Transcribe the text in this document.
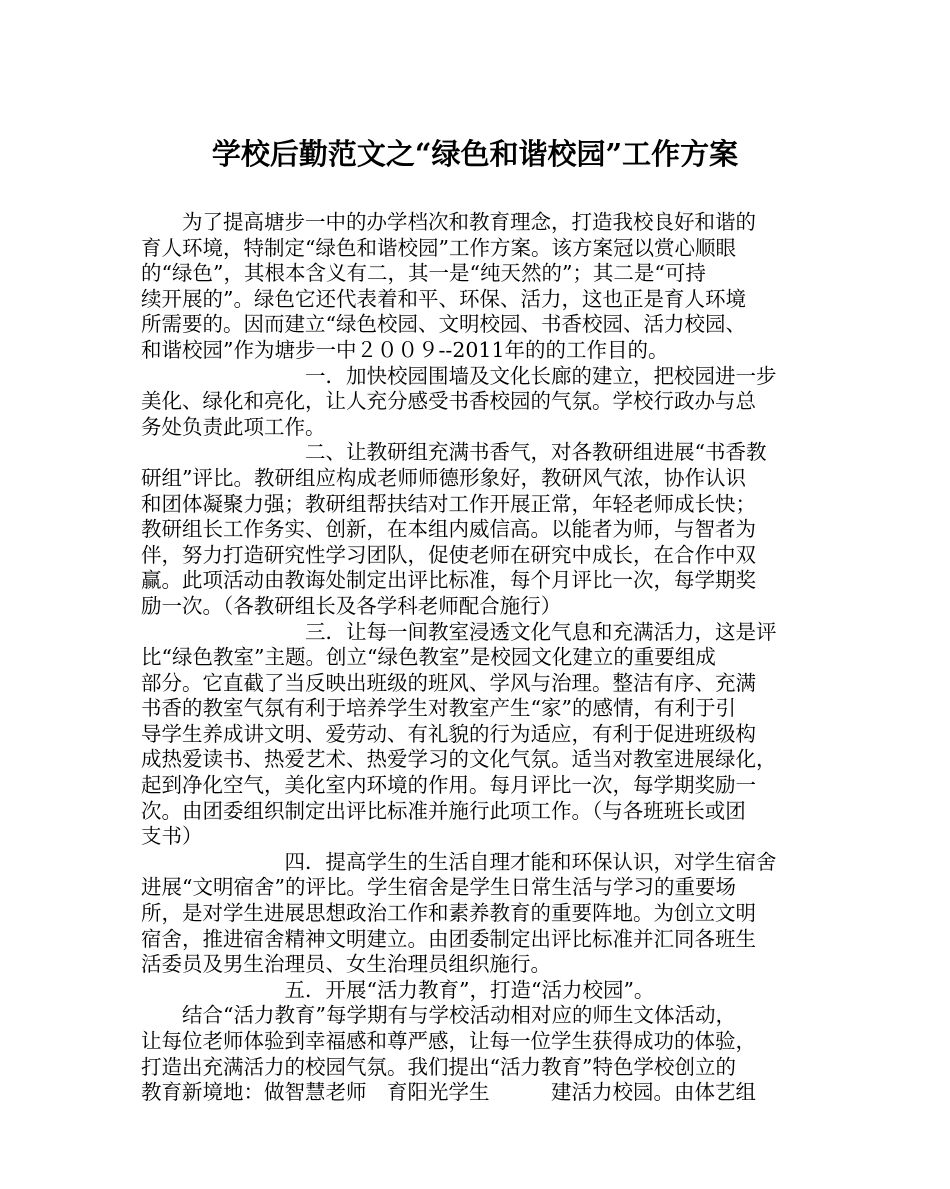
学校后勤范文之“绿色和谐校园”工作方案
　　为了提高塘步一中的办学档次和教育理念，打造我校良好和谐的
育人环境，特制定“绿色和谐校园”工作方案。该方案冠以赏心顺眼
的“绿色”，其根本含义有二，其一是“纯天然的”；其二是“可持
续开展的”。绿色它还代表着和平、环保、活力，这也正是育人环境
所需要的。因而建立“绿色校园、文明校园、书香校园、活力校园、
和谐校园”作为塘步一中２００９--2011年的的工作目的。
　　　　　　　　一．加快校园围墙及文化长廊的建立，把校园进一步
美化、绿化和亮化，让人充分感受书香校园的气氛。学校行政办与总
务处负责此项工作。
　　　　　　　　二、让教研组充满书香气，对各教研组进展“书香教
研组”评比。教研组应构成老师师德形象好，教研风气浓，协作认识
和团体凝聚力强；教研组帮扶结对工作开展正常，年轻老师成长快；
教研组长工作务实、创新，在本组内威信高。以能者为师，与智者为
伴，努力打造研究性学习团队，促使老师在研究中成长，在合作中双
赢。此项活动由教诲处制定出评比标准，每个月评比一次，每学期奖
励一次。（各教研组长及各学科老师配合施行）
　　　　　　　　三．让每一间教室浸透文化气息和充满活力，这是评
比“绿色教室”主题。创立“绿色教室”是校园文化建立的重要组成
部分。它直截了当反映出班级的班风、学风与治理。整洁有序、充满
书香的教室气氛有利于培养学生对教室产生“家”的感情，有利于引
导学生养成讲文明、爱劳动、有礼貌的行为适应，有利于促进班级构
成热爱读书、热爱艺术、热爱学习的文化气氛。适当对教室进展绿化，
起到净化空气，美化室内环境的作用。每月评比一次，每学期奖励一
次。由团委组织制定出评比标准并施行此项工作。（与各班班长或团
支书）
　　　　　　　四．提高学生的生活自理才能和环保认识，对学生宿舍
进展“文明宿舍”的评比。学生宿舍是学生日常生活与学习的重要场
所，是对学生进展思想政治工作和素养教育的重要阵地。为创立文明
宿舍，推进宿舍精神文明建立。由团委制定出评比标准并汇同各班生
活委员及男生治理员、女生治理员组织施行。
　　　　　　　五．开展“活力教育”，打造“活力校园”。
　　结合“活力教育”每学期有与学校活动相对应的师生文体活动，
让每位老师体验到幸福感和尊严感，让每一位学生获得成功的体验，
打造出充满活力的校园气氛。我们提出“活力教育”特色学校创立的
教育新境地：做智慧老师　育阳光学生　　　建活力校园。由体艺组
